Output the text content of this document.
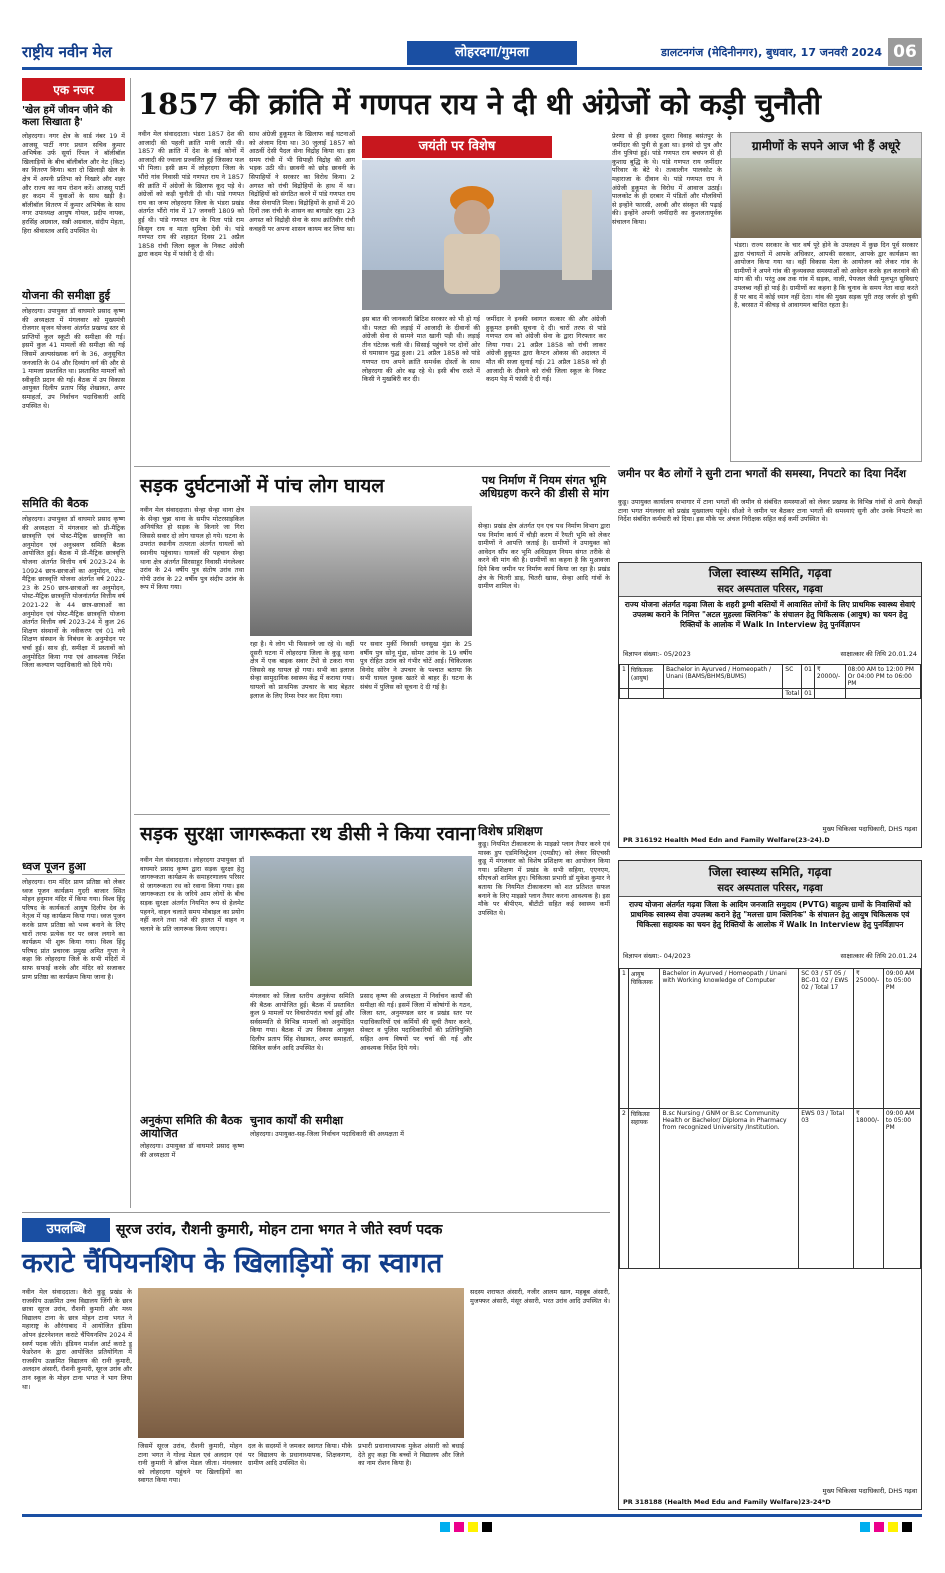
राष्ट्रीय नवीन मेल	लोहरदगा/गुमला	डालटनगंज (मेदिनीनगर), बुधवार, 17 जनवरी 2024 06
एक नजर
'खेल हमें जीवन जीने की कला सिखाता है'
लोहरदगा। नगर क्षेत्र के वार्ड नंबर 19 में आजसू पार्टी नगर प्रधान सचिव कुमार अभिषेक उर्फ सूर्या रिंपल ने बॉलीबॉल खिलाड़ियों के बीच बॉलीबॉल और नेट (किट) का वितरण किया। बता दो खिलाड़ी खेल के क्षेत्र में अपनी प्रतिभा को निखारे और शहर और राज्य का नाम रोशन करें। आजसू पार्टी हर कदम में युवाओं के साथ खड़ी है। बॉलीबॉल वितरण में कुमार अभिषेक के साथ नगर उपाध्यक्ष आयुष गोयल, प्रदीप नायक, हरसिंह अग्रवाल, सन्नी अग्रवाल, संदीप मेहता, हिरा श्रीवास्तव आदि उपस्थित थे।
योजना की समीक्षा हुई
लोहरदगा। उपायुक्त डॉ वाघमारे प्रसाद कृष्ण की अध्यक्षता में मंगलवार को मुख्यमंत्री रोजगार सृजन योजना अंतर्गत प्रखण्ड स्तर से प्राप्तियों कुल स्कूटी की समीक्षा की गई। इसमें कुल 41 मामलों की समीक्षा की गई जिसमें अल्पसंख्यक वर्ग के 36, अनुसूचित जनजाति के 04 और दिव्यांग वर्ग की और से 1 मामला प्रस्तावित था। प्रस्तावित मामलों को स्वीकृति प्रदान की गई। बैठक में उप विकास आयुक्त दिलीप प्रताप सिंह शेखावत, अपर समाहर्ता, उप निर्वाचन पदाधिकारी आदि उपस्थित थे।
समिति की बैठक
लोहरदगा। उपायुक्त डॉ वाघमारे प्रसाद कृष्ण की अध्यक्षता में मंगलवार को प्री-मैट्रिक छात्रवृत्ति एवं पोस्ट-मैट्रिक छात्रवृत्ति का अनुमोदन एवं अनुश्रवण समिति बैठक आयोजित हुई। बैठक में प्री-मैट्रिक छात्रवृत्ति योजना अंतर्गत वित्तीय वर्ष 2023-24 के 10924 छात्र-छात्राओं का अनुमोदन, पोस्ट मैट्रिक छात्रवृत्ति योजना अंतर्गत वर्ष 2022-23 के 250 छात्र-छात्राओं का अनुमोदन, पोस्ट-मैट्रिक छात्रवृत्ति योजनांतर्गत वित्तीय वर्ष 2021-22 के 44 छात्र-छात्राओं का अनुमोदन एवं पोस्ट-मैट्रिक छात्रवृत्ति योजना अंतर्गत वित्तीय वर्ष 2023-24 में कुल 26 शिक्षण संस्थानों के नवीकरण एवं 01 नये शिक्षण संस्थान के निबंधन के अनुमोदन पर चर्चा हुई। साथ ही, समीक्षा में प्रस्तावों को अनुमोदित किया गया एवं आवश्यक निर्देश जिला कल्याण पदाधिकारी को दिये गये।
ध्वज पूजन हुआ
लोहरदगा। राम मंदिर प्राण प्रतिष्ठा को लेकर ध्वज पूजन कार्यक्रम गुदरी बाजार स्थित मोहन हनुमान मंदिर में किया गया। विश्व हिंदू परिषद के कार्यकर्ता आयुष दिलीप देव के नेतृत्व में यह कार्यक्रम किया गया। ध्वज पूजन करके प्राण प्रतिष्ठा को भव्य बनाने के लिए चारों तरफ प्रत्येक घर पर ध्वज लगाने का कार्यक्रम भी शुरू किया गया। विश्व हिंदू परिषद प्रांत प्रचारक प्रमुख अमित गुप्ता ने कहा कि लोहरदगा जिले के सभी मंदिरों में साफ सफाई करके और मंदिर को सजाकर प्राण प्रतिष्ठा का कार्यक्रम किया जाना है।
1857 की क्रांति में गणपत राय ने दी थी अंग्रेजों को कड़ी चुनौती
नवीन मेल संवाददाता। भंडरा 1857 देश की आजादी की पहली क्रांति मानी जाती थी। 1857 की क्रांति में देश के कई कोनों में आजादी की ज्वाला प्रज्वलित हुई जिसका फल भी मिला। इसी क्रम में लोहरदगा जिला के भौंरो गांव निवासी पांडे गणपत राय ने 1857 की क्रांति में अंग्रेजों के खिलाफ कूद पड़े थे। अंग्रेजों को कड़ी चुनौती दी थी। पांडे गणपत राय का जन्म लोहरदगा जिला के भंडरा प्रखंड अंतर्गत भौंरो गांव में 17 जनवरी 1809 को हुई थी। पांडे गणपत राय के पिता पांडे राम किसुन राय व माता सुमित्रा देवी थे। पांडे गणपत राय की शहादत दिवस 21 अप्रैल 1858 रांची जिला स्कूल के निकट अंग्रेजी द्वारा कदम पेड़ में फांसी दे दी थी।
साथ अंग्रेजी हुकूमत के खिलाफ कई घटनाओं को अंजाम दिया था। 30 जुलाई 1857 को आठवीं देसी पैदल सेना विद्रोह किया था। इस समय रांची में भी सिपाही विद्रोह की आग भड़क उठी थी। छावनी को छोड़ छावनी के सिपाहियों ने सरकार का विरोध किया। 2 अगस्त को रांची विद्रोहियों के हाथ में था। विद्रोहियों को संगठित करने में पांडे गणपत राय जैसा सेनापति मिला। विद्रोहियों के हाथों में 20 दिनों तक रांची के शासन का बागडोर रहा। 23 अगस्त को विद्रोही सेना के साथ क्रांतिवीर रांची कचहरी पर अपना शासन कायम कर लिया था।
जयंती पर विशेष
इस बात की जानकारी ब्रिटिश सरकार को भी हो गई थी। पलटा की लड़ाई में आजादी के दीवानों की अंग्रेजी सेना से सामने मात खानी पड़ी थी। लड़ाई तीन घंटेतक चली थी। सिसाई पहुंचने पर दोनों ओर से घमासान युद्ध हुआ। 21 अप्रैल 1858 को पांडे गणपत राय अपने क्रांति समर्थक दोस्तों के साथ लोहरदगा की ओर बढ़ रहे थे। इसी बीच रास्ते में किसी ने मुखबिरी कर दी।
जमींदार ने इनकी स्वागत सत्कार की और अंग्रेजी हुकूमत इनकी सूचना दे दी। चारों तरफ से पांडे गणपत राय को अंग्रेजी सेना के द्वारा गिरफ्तार कर लिया गया। 21 अप्रैल 1858 को रांची लाकर अंग्रेजी हुकूमत द्वारा कैप्टन ओकस की अदालत में मौत की सजा सुनाई गई। 21 अप्रैल 1858 को ही आजादी के दीवाने को रांची जिला स्कूल के निकट कदम पेड़ में फांसी दे दी गई।
प्रेरणा से ही इनका दूसरा विवाह बसंतपुर के जमींदार की पुत्री से हुआ था। इनसे दो पुत्र और तीन पुत्रियां हुई। पांडे गणपत राय बचपन से ही कुशाग्र बुद्धि के थे। पांडे गणपत राय जमींदार परिवार के बेटे थे। तत्कालीन पालकोट के महाराजा के दीवान थे। पांडे गणपत राय ने अंग्रेजी हुकूमत के विरोध में आवाज उठाई। पालकोट के ही दरबार में पंडितों और मौलवियों से इन्होंने फारसी, अरबी और संस्कृत की पढ़ाई की। इन्होंने अपनी जमींदारी का कुशलतापूर्वक संचालन किया।
ग्रामीणों के सपने आज भी हैं अधूरे
भंडरा। राज्य सरकार के चार वर्ष पूरे होने के उपलक्ष्य में कुछ दिन पूर्व सरकार द्वारा पंचायतों में आपके अधिकार, आपकी सरकार, आपके द्वार कार्यक्रम का आयोजन किया गया था। वहीं विकास मेला के आयोजन को लेकर गांव के ग्रामीणों ने अपने गांव की कुव्यवस्था समस्याओं को आवेदन करके हल करवाने की मांग की थी। परंतु अब तक गांव में सड़क, नाली, पेयजल जैसी मूलभूत सुविधाएं उपलब्ध नहीं हो पाई है। ग्रामीणों का कहना है कि चुनाव के समय नेता वादा करते हैं पर बाद में कोई ध्यान नहीं देता। गांव की मुख्य सड़क पूरी तरह जर्जर हो चुकी है, बरसात में कीचड़ से आवागमन बाधित रहता है।
सड़क दुर्घटनाओं में पांच लोग घायल
नवीन मेल संवाददाता। सेन्हा सेन्हा थाना क्षेत्र के सेन्हा चुन्ना थाना के समीप मोटरसाइकिल अनियंत्रित हो सड़क के किनारे जा गिरा जिससे सवार दो लोग घायल हो गये। घटना के उपरांत स्थानीय तत्परता अंतर्गत घायलों को स्थानीय पहुंचाया। घायलों की पहचान सेन्हा थाना क्षेत्र अंतर्गत सिरसाहुर निवासी मंगलेश्वर उरांव के 24 वर्षीय पुत्र संतोष उरांव तथा गोपी उरांव के 22 वर्षीय पुत्र संदीप उरांव के रूप में किया गया।
रहा है। ये लोग भी फिसलने जा रहे थे। वहीं दूसरी घटना में लोहरदगा जिला के कुडू थाना क्षेत्र में एक बाइक सवार टेंपो से टकरा गया जिससे वह घायल हो गया। सभी का इलाज सेन्हा सामुदायिक स्वास्थ्य केंद्र में कराया गया। घायलों को प्राथमिक उपचार के बाद बेहतर इलाज के लिए रिम्स रेफर कर दिया गया।
पर सवार मुर्की निवासी धनसुख मुंडा के 25 वर्षीय पुत्र सोनू मुंडा, सोमर उरांव के 19 वर्षीय पुत्र रोहित उरांव को गंभीर चोटें आई। चिकित्सक विनोद सोरेन ने उपचार के पश्चात बताया कि सभी घायल युवक खतरे से बाहर हैं। घटना के संबंध में पुलिस को सूचना दे दी गई है।
पथ निर्माण में नियम संगत भूमि अधिग्रहण करने की डीसी से मांग
सेन्हा। प्रखंड क्षेत्र अंतर्गत एन एच पथ निर्माण विभाग द्वारा पथ निर्माण कार्य में चौड़ी करण में रैयती भूमि को लेकर ग्रामीणों ने आपत्ति जताई है। ग्रामीणों ने उपायुक्त को आवेदन सौंप कर भूमि अधिग्रहण नियम संगत तरीके से करने की मांग की है। ग्रामीणों का कहना है कि मुआवजा दिये बिना जमीन पर निर्माण कार्य किया जा रहा है। प्रखंड क्षेत्र के चितरी डाड़, चितरी खास, सेन्हा आदि गांवों के ग्रामीण शामिल थे।
जमीन पर बैठ लोगों ने सुनी टाना भगतों की समस्या, निपटारे का दिया निर्देश
कुडू। उपायुक्त कार्यालय सभागार में टाना भगतों की जमीन से संबंधित समस्याओं को लेकर प्रखण्ड के विभिन्न गांवों से आये सैकड़ों टाना भगत मंगलवार को प्रखंड मुख्यालय पहुंचे। सीओ ने जमीन पर बैठकर टाना भगतों की समस्याएं सुनी और उनके निपटारे का निर्देश संबंधित कर्मचारी को दिया। इस मौके पर अंचल निरीक्षक सहित कई कर्मी उपस्थित थे।
जिला स्वास्थ्य समिति, गढ़वा
सदर अस्पताल परिसर, गढ़वा
राज्य योजना अंतर्गत गढ़वा जिला के शहरी ड्रग्मी बस्तियों में आवासित लोगों के लिए प्राथमिक स्वास्थ्य सेवाएं उपलब्ध कराने के निमित्त "अटल मुहल्ला क्लिनिक" के संचालन हेतु चिकित्सक (आयुष) का चयन हेतु रिक्तियों के आलोक में Walk In Interview हेतु पुनर्विज्ञापन
विज्ञापन संख्या:- 05/2023	साक्षात्कार की तिथि 20.01.24
1	चिकित्सक (आयुष)	Bachelor in Ayurved / Homeopath / Unani (BAMS/BHMS/BUMS)	SC	01	₹ 20000/-	08:00 AM to 12:00 PM Or 04:00 PM to 06:00 PM
			Total	01		
मुख्य चिकित्सा पदाधिकारी, DHS गढ़वा
PR 316192 Health Med Edn and Family Welfare(23-24).D
सड़क सुरक्षा जागरूकता रथ डीसी ने किया रवाना
नवीन मेल संवाददाता। लोहरदगा उपायुक्त डॉ वाघमारे प्रसाद कृष्ण द्वारा सड़क सुरक्षा हेतु जागरूकता कार्यक्रम के समाहरणालय परिसर से जागरूकता रथ को रवाना किया गया। इस जागरूकता रथ के जरिये आम लोगों के बीच सड़क सुरक्षा अंतर्गत नियमित रूप से हेलमेट पहनने, वाहन चलाते समय मोबाइल का प्रयोग नहीं करने तथा नशे की हालत में वाहन न चलाने के प्रति जागरूक किया जाएगा।
मंगलवार को जिला स्तरीय अनुकंपा समिति की बैठक आयोजित हुई। बैठक में प्रस्तावित कुल 9 मामलों पर विचारोपरांत चर्चा हुई और सर्वसम्मति से विभिन्न मामलों को अनुमोदित किया गया। बैठक में उप विकास आयुक्त दिलीप प्रताप सिंह शेखावत, अपर समाहर्ता, सिविल सर्जन आदि उपस्थित थे।
प्रसाद कृष्ण की अध्यक्षता में निर्वाचन कार्यों की समीक्षा की गई। इसमें जिला में कोषांगों के गठन, जिला स्तर, अनुमण्डल स्तर व प्रखंड स्तर पर पदाधिकारियों एवं कर्मियों की सूची तैयार करने, सेक्टर व पुलिस पदाधिकारियों की प्रतिनियुक्ति सहित अन्य विषयों पर चर्चा की गई और आवश्यक निर्देश दिये गये।
अनुकंपा समिति की बैठक आयोजित
लोहरदगा। उपायुक्त डॉ वाघमारे प्रसाद कृष्ण की अध्यक्षता में
चुनाव कार्यों की समीक्षा
लोहरदगा। उपायुक्त-सह-जिला निर्वाचन पदाधिकारी की अध्यक्षता में
विशेष प्रशिक्षण
कुडू। नियमित टीकाकरण के माइक्रो प्लान तैयार करने एवं मास्क डुप एडमिनिस्ट्रेशन (एमडीए) को लेकर सिएचसी कुडू में मंगलवार को विशेष प्रशिक्षण का आयोजन किया गया। प्रशिक्षण में प्रखंड के सभी सहिया, एएनएम, सीएचओ शामिल हुए। चिकित्सा प्रभारी डॉ मुकेश कुमार ने बताया कि नियमित टीकाकरण को शत प्रतिशत सफल बनाने के लिए माइक्रो प्लान तैयार करना आवश्यक है। इस मौके पर बीपीएम, बीटीटी सहित कई स्वास्थ्य कर्मी उपस्थित थे।
जिला स्वास्थ्य समिति, गढ़वा
सदर अस्पताल परिसर, गढ़वा
राज्य योजना अंतर्गत गढ़वा जिला के आदिम जनजाति समुदाय (PVTG) बाहुल्य ग्रामों के निवासियों को प्राथमिक स्वास्थ्य सेवा उपलब्ध कराने हेतु "मलत्ता ग्राम क्लिनिक" के संचालन हेतु आयुष चिकित्सक एवं चिकित्सा सहायक का चयन हेतु रिक्तियों के आलोक में Walk In Interview हेतु पुनर्विज्ञापन
विज्ञापन संख्या:- 04/2023	साक्षात्कार की तिथि 20.01.24
1	आयुष चिकित्सक	Bachelor in Ayurved / Homeopath / Unani with Working knowledge of Computer	SC 03 / ST 05 / BC-01 02 / EWS 02 / Total 17	₹ 25000/-	09:00 AM to 05:00 PM
2	चिकित्सा सहायक	B.sc Nursing / GNM or B.sc Community Health or Bachelor/ Diploma in Pharmacy from recognized University /Institution.	EWS 03 / Total 03	₹ 18000/-	09:00 AM to 05:00 PM
मुख्य चिकित्सा पदाधिकारी, DHS गढ़वा
PR 318188 (Health Med Edu and Family Welfare)23-24*D
उपलब्धि	सूरज उरांव, रौशनी कुमारी, मोहन टाना भगत ने जीते स्वर्ण पदक
कराटे चैंपियनशिप के खिलाड़ियों का स्वागत
नवीन मेल संवाददाता। कैरो कुडू प्रखंड के राजकीय उत्क्रमित उच्च विद्यालय जिंगी के छात्र छात्रा सूरज उरांव, रौशनी कुमारी और मध्य विद्यालय टाना के छात्र मोहन टाना भगत ने महाराष्ट्र के औरंगाबाद में आयोजित इंडिया ओपन इंटरनेशनल कराटे चैंपियनशिप 2024 में स्वर्ण पदक जीते। इंडियन मार्शल आर्ट कराटे डू फेडरेशन के द्वारा आयोजित प्रतियोगिता में राजकीय उत्क्रमित विद्यालय की रानी कुमारी, अलदान अंसारी, रौशनी कुमारी, सूरज उरांव और तान स्कूल के मोहन टाना भगत ने भाग लिया था।
जिसमें सूरज उरांव, रौशनी कुमारी, मोहन टाना भगत ने गोल्ड मेडल एवं अलदान एवं रानी कुमारी ने ब्रॉन्ज मेडल जीता। मंगलवार को लोहरदगा पहुंचने पर खिलाड़ियों का स्वागत किया गया।
दल के सदस्यों ने जमकर स्वागत किया। मौके पर विद्यालय के प्रधानाध्यापक, शिक्षकगण, ग्रामीण आदि उपस्थित थे।
प्रभारी प्रधानाध्यापक मुकेश अंसारी को बधाई देते हुए कहा कि बच्चों ने विद्यालय और जिले का नाम रोशन किया है।
सदस्य शराफत अंसारी, नजीर आलम खान, महबूब अंसारी, मुजफ्फर अंसारी, मंसूर अंसारी, भरत उरांव आदि उपस्थित थे।
